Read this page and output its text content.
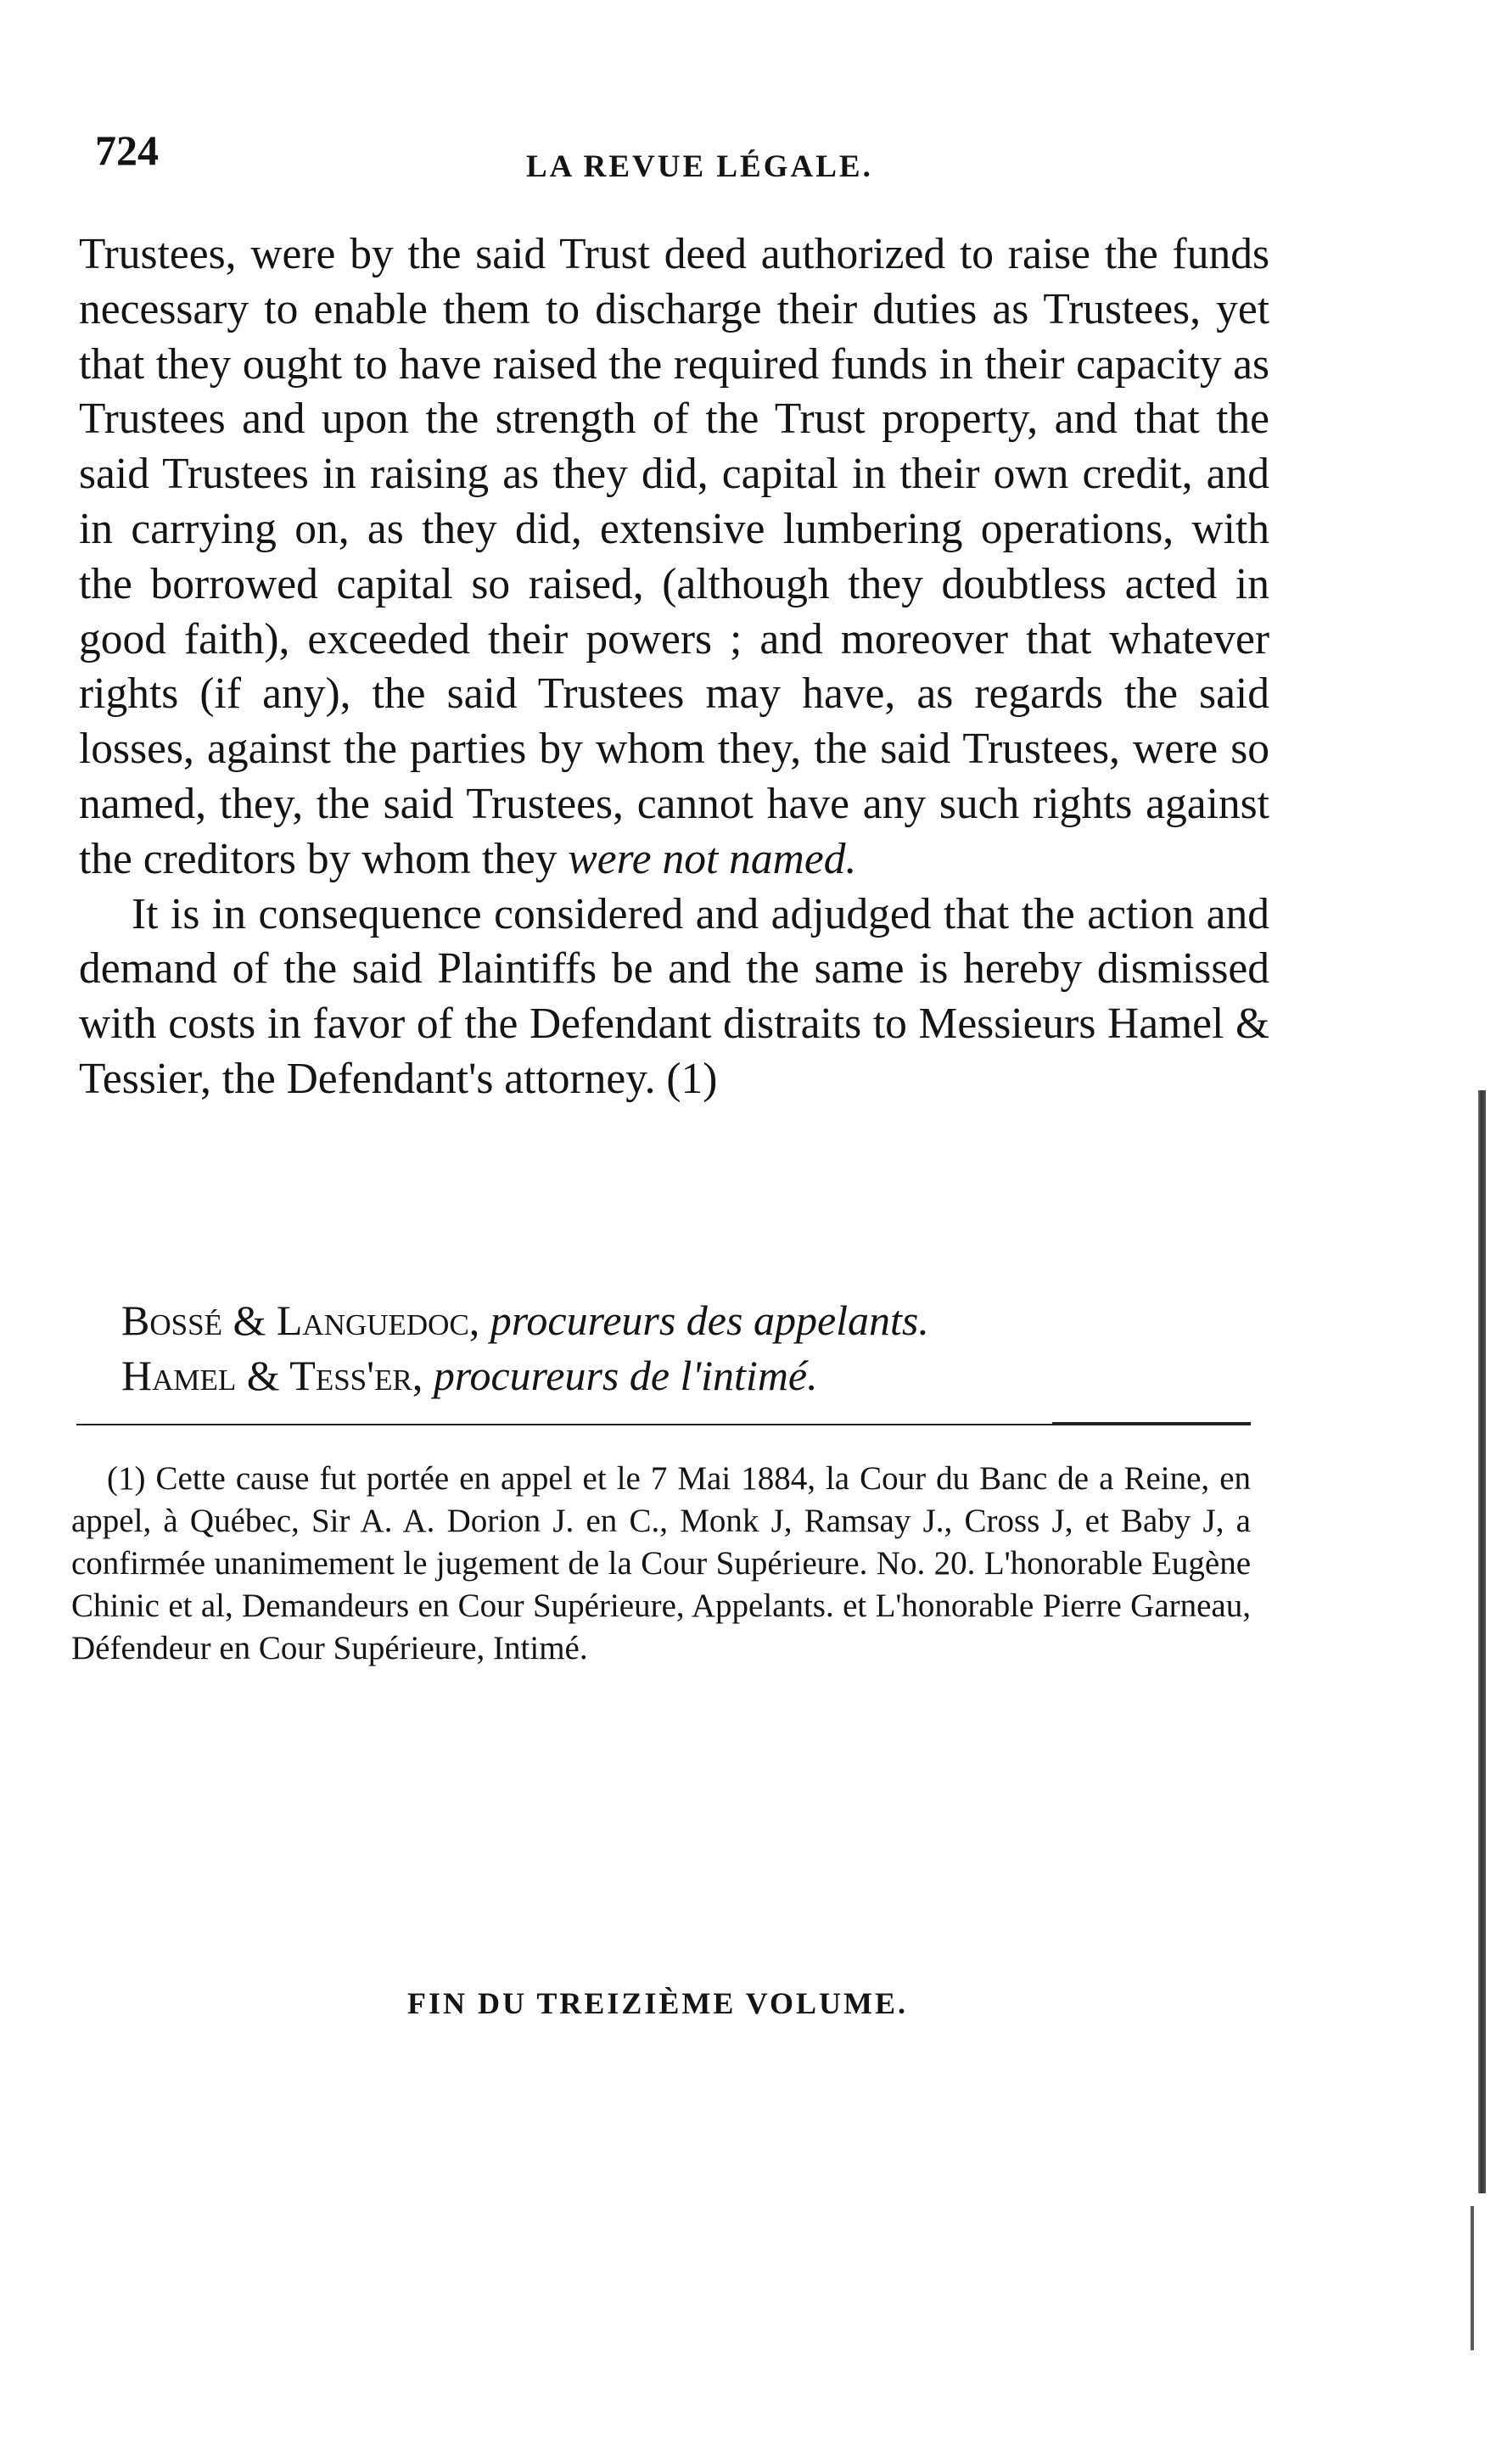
724	LA REVUE LÉGALE.

Trustees, were by the said Trust deed authorized to raise the funds necessary to enable them to discharge their duties as Trustees, yet that they ought to have raised the required funds in their capacity as Trustees and upon the strength of the Trust property, and that the said Trustees in raising as they did, capital in their own credit, and in carrying on, as they did, extensive lumbering operations, with the borrowed capital so raised, (although they doubtless acted in good faith), exceeded their powers ; and moreover that whatever rights (if any), the said Trustees may have, as regards the said losses, against the parties by whom they, the said Trustees, were so named, they, the said Trustees, cannot have any such rights against the creditors by whom they were not named.

It is in consequence considered and adjudged that the action and demand of the said Plaintiffs be and the same is hereby dismissed with costs in favor of the Defendant distraits to Messieurs Hamel & Tessier, the Defendant's attorney. (1)

Bossé & Languedoc, procureurs des appelants.
Hamel & Tess'er, procureurs de l'intimé.

(1) Cette cause fut portée en appel et le 7 Mai 1884, la Cour du Banc de a Reine, en appel, à Québec, Sir A. A. Dorion J. en C., Monk J, Ramsay J., Cross J, et Baby J, a confirmée unanimement le jugement de la Cour Supérieure. No. 20. L'honorable Eugène Chinic et al, Demandeurs en Cour Supérieure, Appelants. et L'honorable Pierre Garneau, Défendeur en Cour Supérieure, Intimé.

FIN DU TREIZIÈME VOLUME.
